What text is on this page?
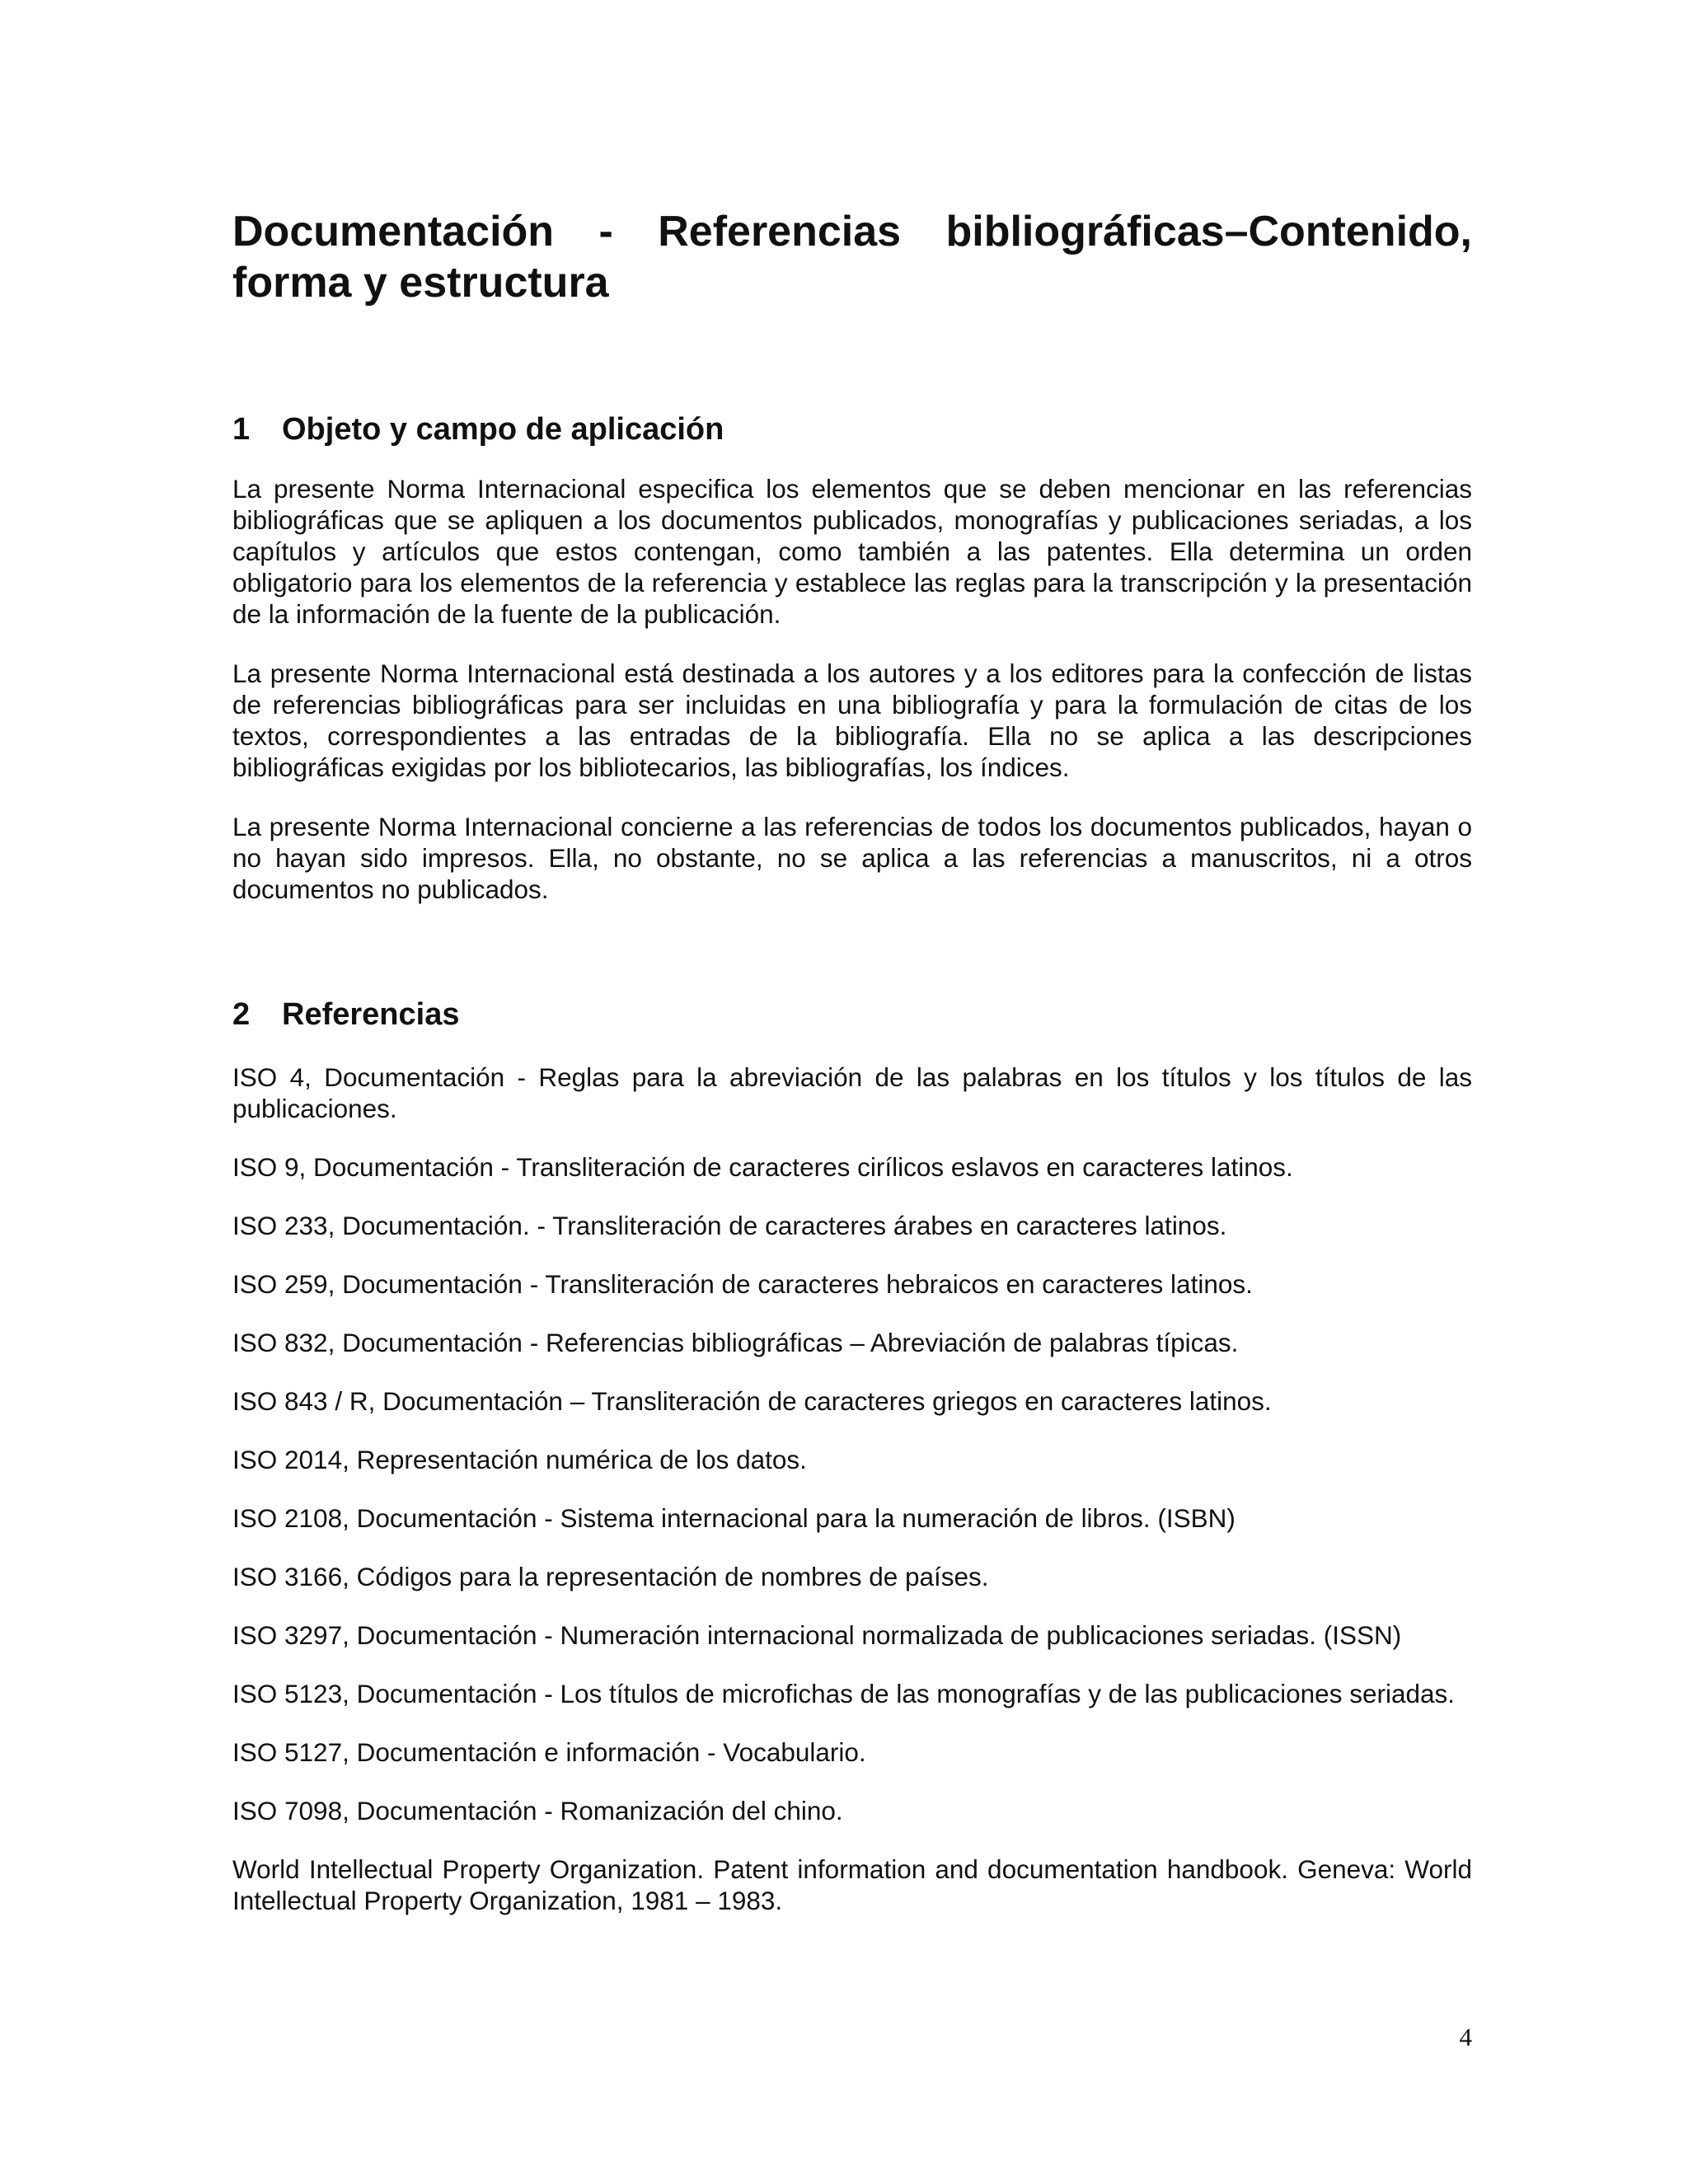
Documentación - Referencias bibliográficas–Contenido, forma y estructura
1 Objeto y campo de aplicación

La presente Norma Internacional especifica los elementos que se deben mencionar en las referencias bibliográficas que se apliquen a los documentos publicados, monografías y publicaciones seriadas, a los capítulos y artículos que estos contengan, como también a las patentes. Ella determina un orden obligatorio para los elementos de la referencia y establece las reglas para la transcripción y la presentación de la información de la fuente de la publicación.

La presente Norma Internacional está destinada a los autores y a los editores para la confección de listas de referencias bibliográficas para ser incluidas en una bibliografía y para la formulación de citas de los textos, correspondientes a las entradas de la bibliografía. Ella no se aplica a las descripciones bibliográficas exigidas por los bibliotecarios, las bibliografías, los índices.

La presente Norma Internacional concierne a las referencias de todos los documentos publicados, hayan o no hayan sido impresos. Ella, no obstante, no se aplica a las referencias a manuscritos, ni a otros documentos no publicados.

2 Referencias
ISO 4, Documentación - Reglas para la abreviación de las palabras en los títulos y los títulos de las publicaciones.
ISO 9, Documentación - Transliteración de caracteres cirílicos eslavos en caracteres latinos.
ISO 233, Documentación. - Transliteración de caracteres árabes en caracteres latinos.
ISO 259, Documentación - Transliteración de caracteres hebraicos en caracteres latinos.
ISO 832, Documentación - Referencias bibliográficas – Abreviación de palabras típicas.
ISO 843 / R, Documentación – Transliteración de caracteres griegos en caracteres latinos.
ISO 2014, Representación numérica de los datos.
ISO 2108, Documentación - Sistema internacional para la numeración de libros. (ISBN)
ISO 3166, Códigos para la representación de nombres de países.
ISO 3297, Documentación - Numeración internacional normalizada de publicaciones seriadas. (ISSN)
ISO 5123, Documentación - Los títulos de microfichas de las monografías y de las publicaciones seriadas.
ISO 5127, Documentación e información - Vocabulario.
ISO 7098, Documentación - Romanización del chino.
World Intellectual Property Organization. Patent information and documentation handbook. Geneva: World Intellectual Property Organization, 1981 – 1983.
4
